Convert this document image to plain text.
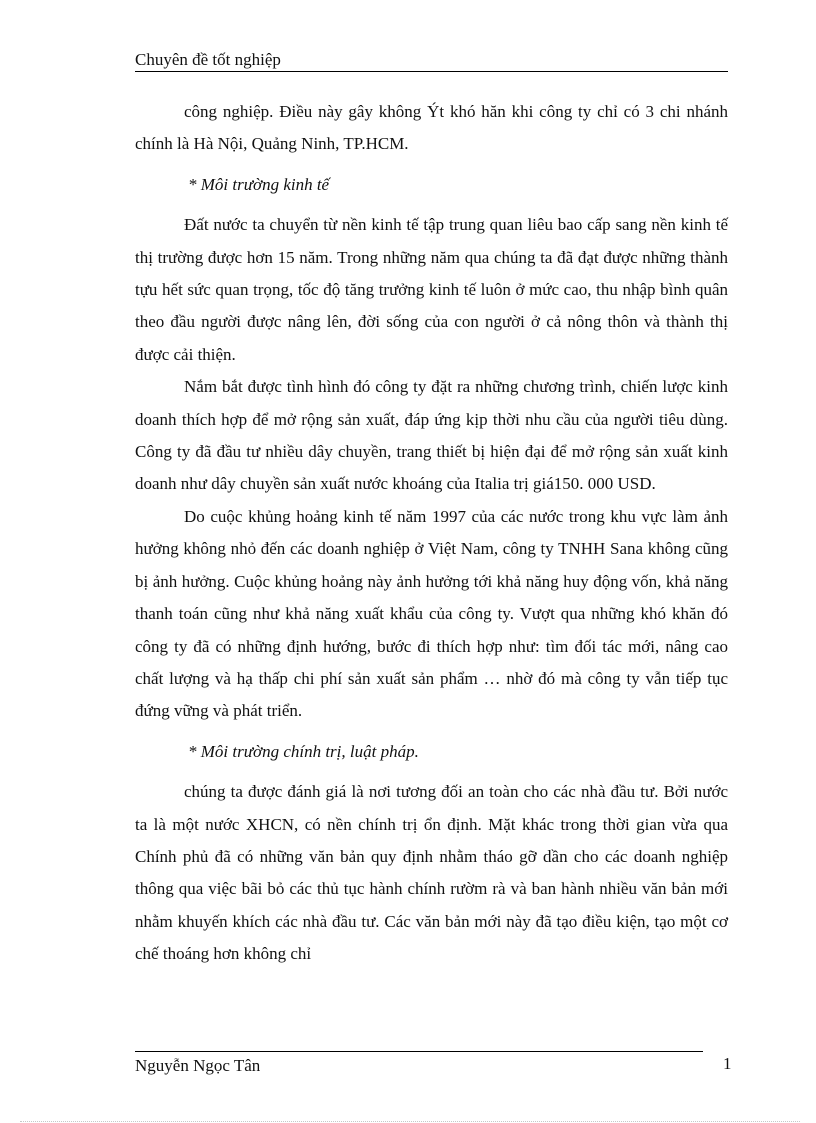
Chuyên đề tốt nghiệp

công nghiệp. Điều này gây không Ýt khó hăn khi công ty chỉ có 3 chi nhánh chính là Hà Nội, Quảng Ninh, TP.HCM.

* Môi trường kinh tế

Đất nước ta chuyển từ nền kinh tế tập trung quan liêu bao cấp sang nền kinh tế thị trường được hơn 15 năm. Trong những năm qua chúng ta đã đạt được những thành tựu hết sức quan trọng, tốc độ tăng trưởng kinh tế luôn ở mức cao, thu nhập bình quân theo đầu người được nâng lên, đời sống của con người ở cả nông thôn và thành thị được cải thiện.

Nắm bắt được tình hình đó công ty đặt ra những chương trình, chiến lược kinh doanh thích hợp để mở rộng sản xuất, đáp ứng kịp thời nhu cầu của người tiêu dùng. Công ty đã đầu tư nhiều dây chuyền, trang thiết bị hiện đại để mở rộng sản xuất kinh doanh như dây chuyền sản xuất nước khoáng của Italia trị giá150. 000 USD.

Do cuộc khủng hoảng kinh tế năm 1997 của các nước trong khu vực làm ảnh hưởng không nhỏ đến các doanh nghiệp ở Việt Nam, công ty TNHH Sana không cũng bị ảnh hưởng. Cuộc khủng hoảng này ảnh hưởng tới khả năng huy động vốn, khả năng thanh toán cũng như khả năng xuất khẩu của công ty. Vượt qua những khó khăn đó công ty đã có những định hướng, bước đi thích hợp như: tìm đối tác mới, nâng cao chất lượng và hạ thấp chi phí sản xuất sản phẩm … nhờ đó mà công ty vẫn tiếp tục đứng vững và phát triển.

* Môi trường chính trị, luật pháp.

chúng ta được đánh giá là nơi tương đối an toàn cho các nhà đầu tư. Bởi nước ta là một nước XHCN, có nền chính trị ổn định. Mặt khác trong thời gian vừa qua Chính phủ đã có những văn bản quy định nhằm tháo gỡ dần cho các doanh nghiệp thông qua việc bãi bỏ các thủ tục hành chính rườm rà và ban hành nhiều văn bản mới nhằm khuyến khích các nhà đầu tư. Các văn bản mới này đã tạo điều kiện, tạo một cơ chế thoáng hơn không chỉ

Nguyễn Ngọc Tân	1
